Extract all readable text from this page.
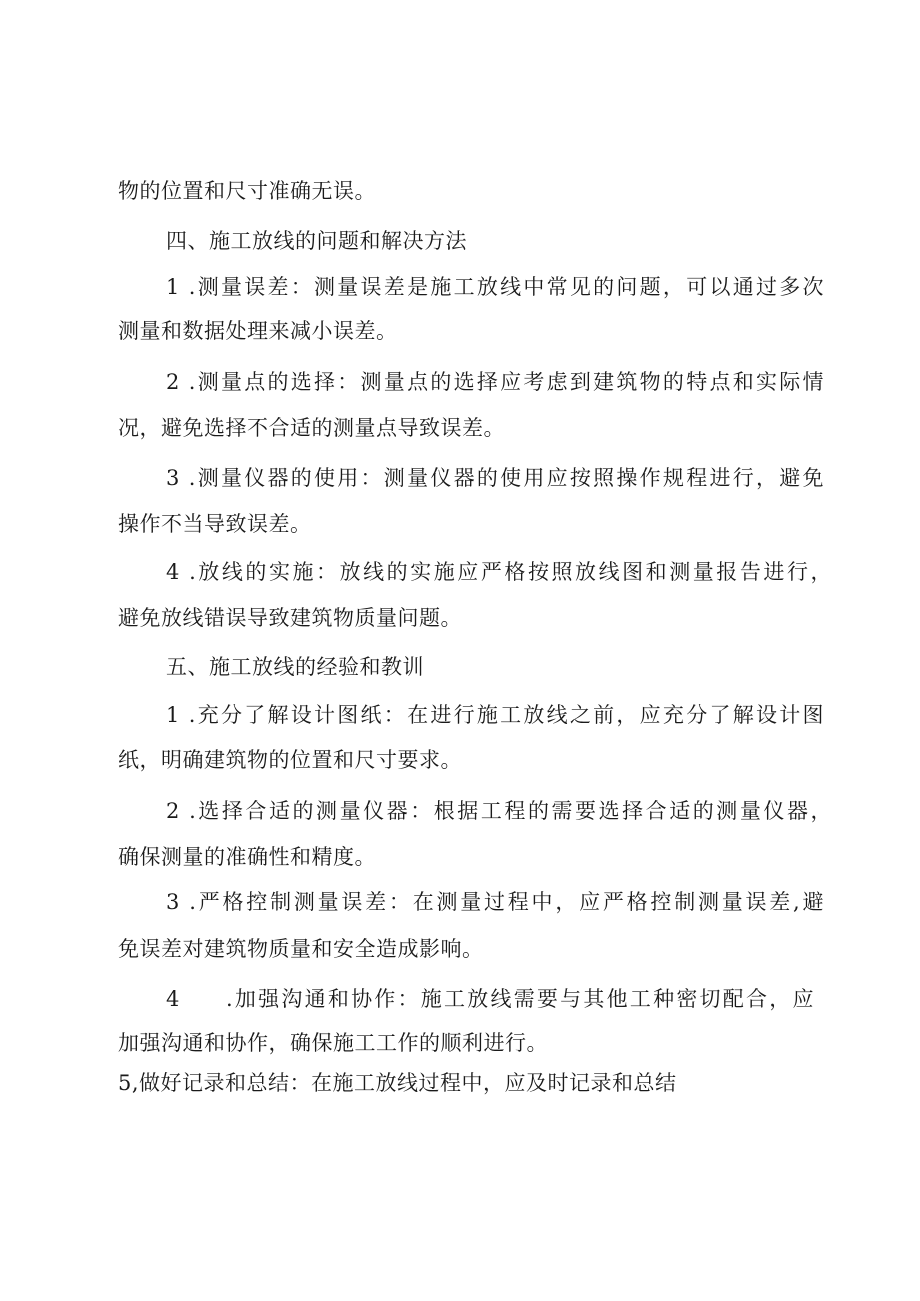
物的位置和尺寸准确无误。

四、施工放线的问题和解决方法

1 .测量误差：测量误差是施工放线中常见的问题，可以通过多次

测量和数据处理来减小误差。

2 .测量点的选择：测量点的选择应考虑到建筑物的特点和实际情

况，避免选择不合适的测量点导致误差。

3 .测量仪器的使用：测量仪器的使用应按照操作规程进行，避免

操作不当导致误差。

4 .放线的实施：放线的实施应严格按照放线图和测量报告进行，

避免放线错误导致建筑物质量问题。

五、施工放线的经验和教训

1 .充分了解设计图纸：在进行施工放线之前，应充分了解设计图

纸，明确建筑物的位置和尺寸要求。

2 .选择合适的测量仪器：根据工程的需要选择合适的测量仪器，

确保测量的准确性和精度。

3 .严格控制测量误差：在测量过程中，应严格控制测量误差,避

免误差对建筑物质量和安全造成影响。

4 .加强沟通和协作：施工放线需要与其他工种密切配合，应

加强沟通和协作，确保施工工作的顺利进行。

5,做好记录和总结：在施工放线过程中，应及时记录和总结
